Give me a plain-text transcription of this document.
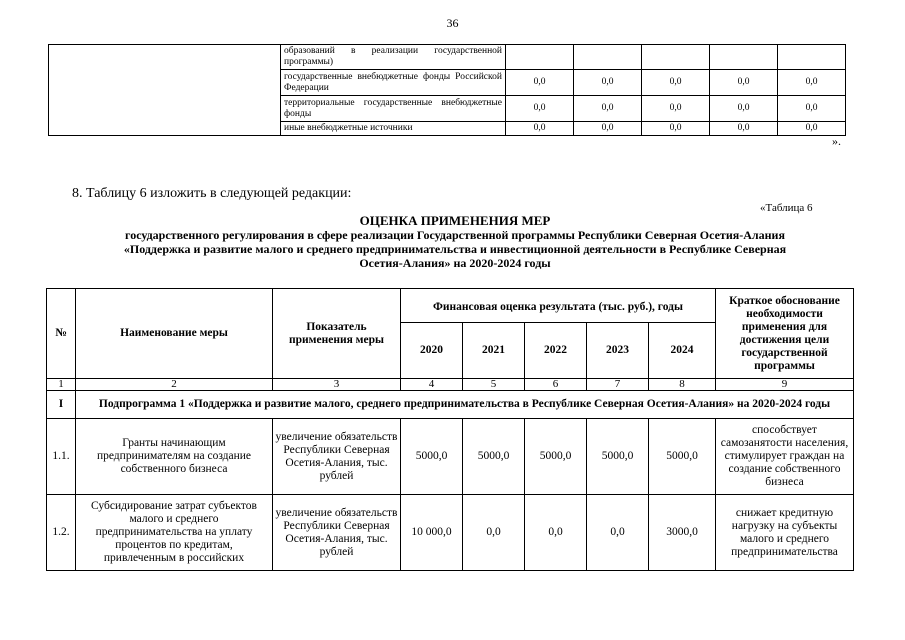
36
	образований в реализации государственной программы)					
	государственные внебюджетные фонды Российской Федерации	0,0	0,0	0,0	0,0	0,0
	территориальные государственные внебюджетные фонды	0,0	0,0	0,0	0,0	0,0
	иные внебюджетные источники	0,0	0,0	0,0	0,0	0,0
».
8. Таблицу 6 изложить в следующей редакции:
«Таблица 6
ОЦЕНКА ПРИМЕНЕНИЯ МЕР
государственного регулирования в сфере реализации Государственной программы Республики Северная Осетия-Алания
«Поддержка и развитие малого и среднего предпринимательства и инвестиционной деятельности в Республике Северная
Осетия-Алания» на 2020-2024 годы
№	Наименование меры	Показатель применения меры	Финансовая оценка результата (тыс. руб.), годы					Краткое обоснование необходимости применения для достижения цели государственной программы
			2020	2021	2022	2023	2024	
1	2	3	4	5	6	7	8	9
I	Подпрограмма 1 «Поддержка и развитие малого, среднего предпринимательства в Республике Северная Осетия-Алания» на 2020-2024 годы							
1.1.	Гранты начинающим предпринимателям на создание собственного бизнеса	увеличение обязательств Республики Северная Осетия-Алания, тыс. рублей	5000,0	5000,0	5000,0	5000,0	5000,0	способствует самозанятости населения, стимулирует граждан на создание собственного бизнеса
1.2.	Субсидирование затрат субъектов малого и среднего предпринимательства на уплату процентов по кредитам, привлеченным в российских	увеличение обязательств Республики Северная Осетия-Алания, тыс. рублей	10 000,0	0,0	0,0	0,0	3000,0	снижает кредитную нагрузку на субъекты малого и среднего предпринимательства
